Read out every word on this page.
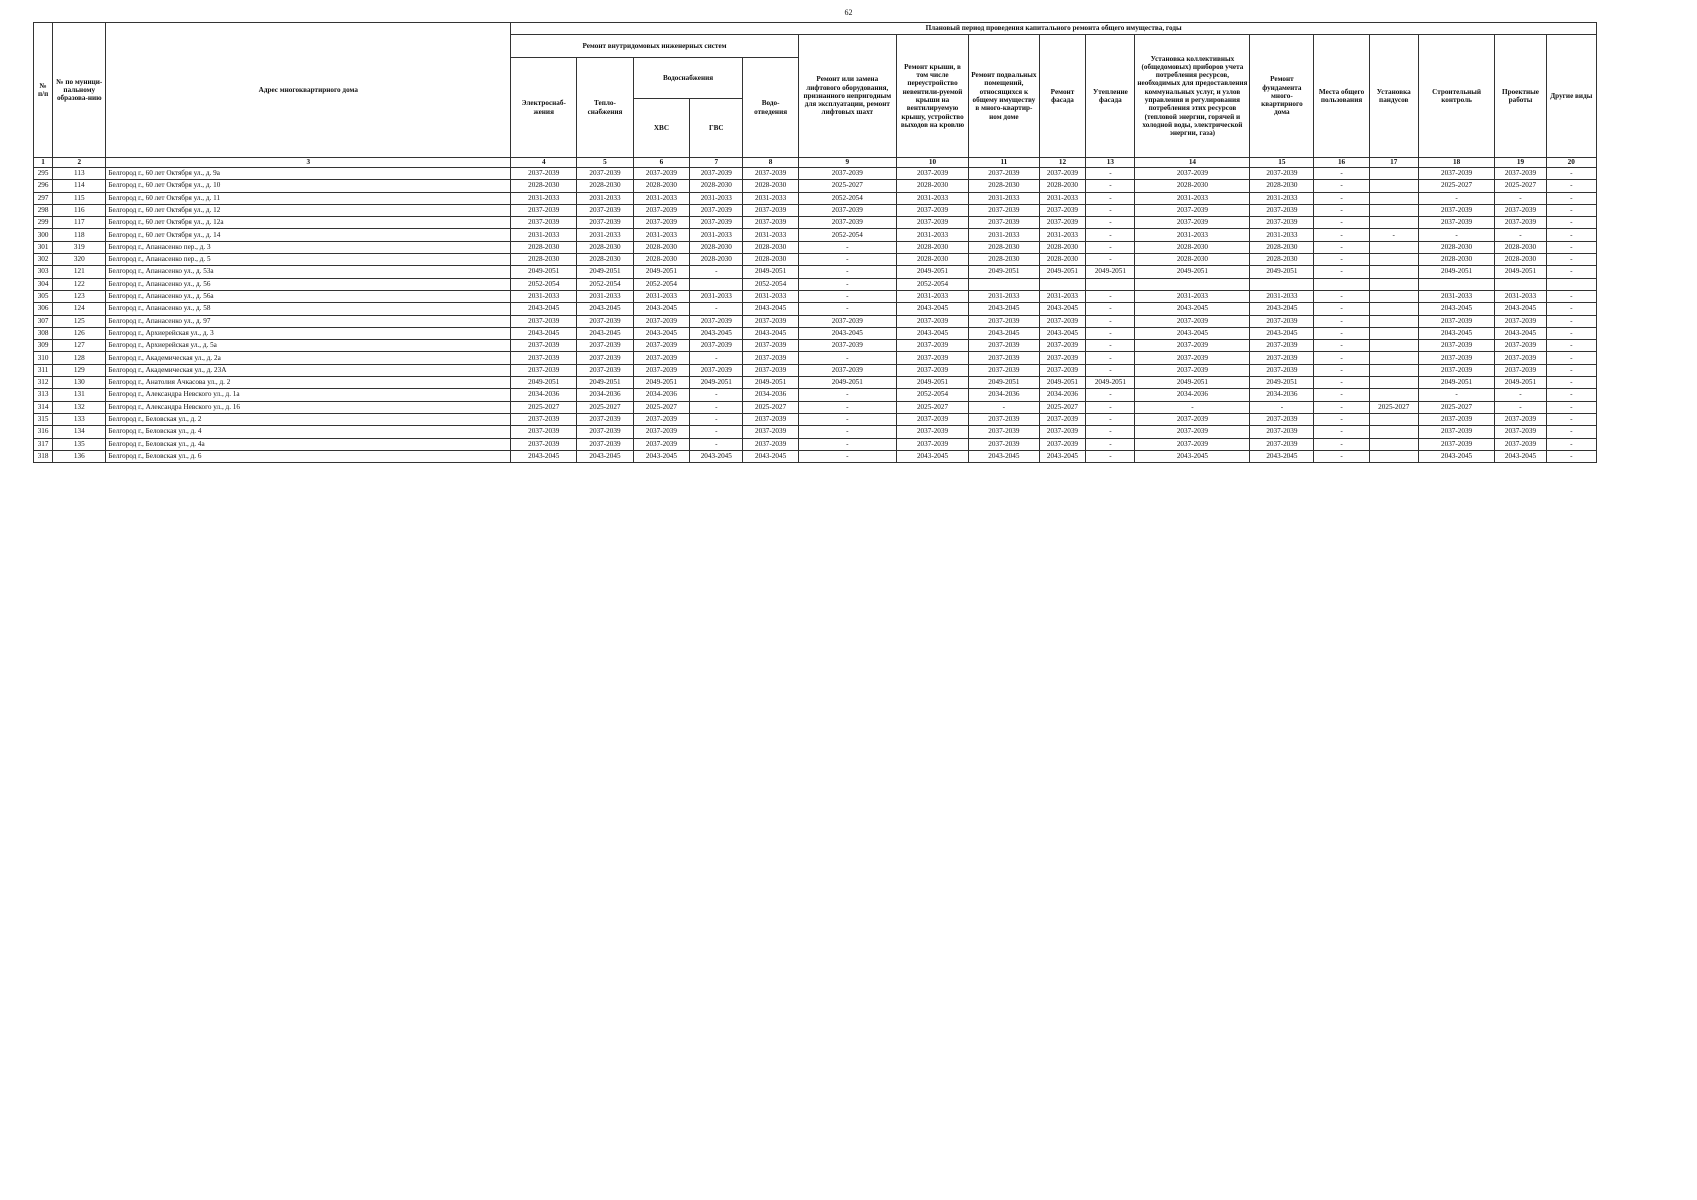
62
№ п/п	№ по муници-пальному образова-нию	Адрес многоквартирного дома	Плановый период проведения капитального ремонта общего имущества, годы																
			Ремонт внутридомовых инженерных систем					Ремонт или замена лифтового оборудования, признанного непригодным для эксплуатации, ремонт лифтовых шахт	Ремонт крыши, в том числе переустройство невентили-руемой крыши на вентилируемую крышу, устройство выходов на кровлю	Ремонт подвальных помещений, относящихся к общему имуществу в много-квартир-ном доме	Ремонт фасада	Утепление фасада	Установка коллективных (общедомовых) приборов учета потребления ресурсов, необходимых для предоставления коммунальных услуг, и узлов управления и регулирования потребления этих ресурсов (тепловой энергии, горячей и холодной воды, электрической энергии, газа)	Ремонт фундамента много-квартирного дома	Места общего пользования	Установка пандусов	Строительный контроль	Проектные работы	Другие виды
			Электроснаб-жения	Тепло-снабжения	Водоснабжения		Водо-отведения												
					ХВС	ГВС													
1	2	3	4	5	6	7	8	9	10	11	12	13	14	15	16	17	18	19	20
295	113	Белгород г., 60 лет Октября ул., д. 9а	2037-2039	2037-2039	2037-2039	2037-2039	2037-2039	2037-2039	2037-2039	2037-2039	2037-2039	-	2037-2039	2037-2039	-		2037-2039	2037-2039	-
296	114	Белгород г., 60 лет Октября ул., д. 10	2028-2030	2028-2030	2028-2030	2028-2030	2028-2030	2025-2027	2028-2030	2028-2030	2028-2030	-	2028-2030	2028-2030	-		2025-2027	2025-2027	-
297	115	Белгород г., 60 лет Октября ул., д. 11	2031-2033	2031-2033	2031-2033	2031-2033	2031-2033	2052-2054	2031-2033	2031-2033	2031-2033	-	2031-2033	2031-2033	-		-	-	-
298	116	Белгород г., 60 лет Октября ул., д. 12	2037-2039	2037-2039	2037-2039	2037-2039	2037-2039	2037-2039	2037-2039	2037-2039	2037-2039	-	2037-2039	2037-2039	-		2037-2039	2037-2039	-
299	117	Белгород г., 60 лет Октября ул., д. 12а	2037-2039	2037-2039	2037-2039	2037-2039	2037-2039	2037-2039	2037-2039	2037-2039	2037-2039	-	2037-2039	2037-2039	-		2037-2039	2037-2039	-
300	118	Белгород г., 60 лет Октября ул., д. 14	2031-2033	2031-2033	2031-2033	2031-2033	2031-2033	2052-2054	2031-2033	2031-2033	2031-2033	-	2031-2033	2031-2033	-	-	-	-	-
301	319	Белгород г., Апанасенко пер., д. 3	2028-2030	2028-2030	2028-2030	2028-2030	2028-2030	-	2028-2030	2028-2030	2028-2030	-	2028-2030	2028-2030	-		2028-2030	2028-2030	-
302	320	Белгород г., Апанасенко пер., д. 5	2028-2030	2028-2030	2028-2030	2028-2030	2028-2030	-	2028-2030	2028-2030	2028-2030	-	2028-2030	2028-2030	-		2028-2030	2028-2030	-
303	121	Белгород г., Апанасенко ул., д. 53а	2049-2051	2049-2051	2049-2051	-	2049-2051	-	2049-2051	2049-2051	2049-2051	2049-2051	2049-2051	2049-2051	-		2049-2051	2049-2051	-
304	122	Белгород г., Апанасенко ул., д. 56	2052-2054	2052-2054	2052-2054		2052-2054	-	2052-2054										
305	123	Белгород г., Апанасенко ул., д. 56а	2031-2033	2031-2033	2031-2033	2031-2033	2031-2033	-	2031-2033	2031-2033	2031-2033	-	2031-2033	2031-2033	-		2031-2033	2031-2033	-
306	124	Белгород г., Апанасенко ул., д. 58	2043-2045	2043-2045	2043-2045	-	2043-2045	-	2043-2045	2043-2045	2043-2045	-	2043-2045	2043-2045	-		2043-2045	2043-2045	-
307	125	Белгород г., Апанасенко ул., д. 97	2037-2039	2037-2039	2037-2039	2037-2039	2037-2039	2037-2039	2037-2039	2037-2039	2037-2039	-	2037-2039	2037-2039	-		2037-2039	2037-2039	-
308	126	Белгород г., Архиерейская ул., д. 3	2043-2045	2043-2045	2043-2045	2043-2045	2043-2045	2043-2045	2043-2045	2043-2045	2043-2045	-	2043-2045	2043-2045	-		2043-2045	2043-2045	-
309	127	Белгород г., Архиерейская ул., д. 5а	2037-2039	2037-2039	2037-2039	2037-2039	2037-2039	2037-2039	2037-2039	2037-2039	2037-2039	-	2037-2039	2037-2039	-		2037-2039	2037-2039	-
310	128	Белгород г., Академическая ул., д. 2а	2037-2039	2037-2039	2037-2039	-	2037-2039	-	2037-2039	2037-2039	2037-2039	-	2037-2039	2037-2039	-		2037-2039	2037-2039	-
311	129	Белгород г., Академическая ул., д. 23А	2037-2039	2037-2039	2037-2039	2037-2039	2037-2039	2037-2039	2037-2039	2037-2039	2037-2039	-	2037-2039	2037-2039	-		2037-2039	2037-2039	-
312	130	Белгород г., Анатолия Ачкасова ул., д. 2	2049-2051	2049-2051	2049-2051	2049-2051	2049-2051	2049-2051	2049-2051	2049-2051	2049-2051	2049-2051	2049-2051	2049-2051	-		2049-2051	2049-2051	-
313	131	Белгород г., Александра Невского ул., д. 1а	2034-2036	2034-2036	2034-2036	-	2034-2036	-	2052-2054	2034-2036	2034-2036	-	2034-2036	2034-2036	-		-	-	-
314	132	Белгород г., Александра Невского ул., д. 16	2025-2027	2025-2027	2025-2027	-	2025-2027	-	2025-2027	-	2025-2027	-	-	-	-	2025-2027	2025-2027	-	-
315	133	Белгород г., Беловская ул., д. 2	2037-2039	2037-2039	2037-2039	-	2037-2039	-	2037-2039	2037-2039	2037-2039	-	2037-2039	2037-2039	-		2037-2039	2037-2039	-
316	134	Белгород г., Беловская ул., д. 4	2037-2039	2037-2039	2037-2039	-	2037-2039	-	2037-2039	2037-2039	2037-2039	-	2037-2039	2037-2039	-		2037-2039	2037-2039	-
317	135	Белгород г., Беловская ул., д. 4а	2037-2039	2037-2039	2037-2039	-	2037-2039	-	2037-2039	2037-2039	2037-2039	-	2037-2039	2037-2039	-		2037-2039	2037-2039	-
318	136	Белгород г., Беловская ул., д. 6	2043-2045	2043-2045	2043-2045	2043-2045	2043-2045	-	2043-2045	2043-2045	2043-2045	-	2043-2045	2043-2045	-		2043-2045	2043-2045	-
